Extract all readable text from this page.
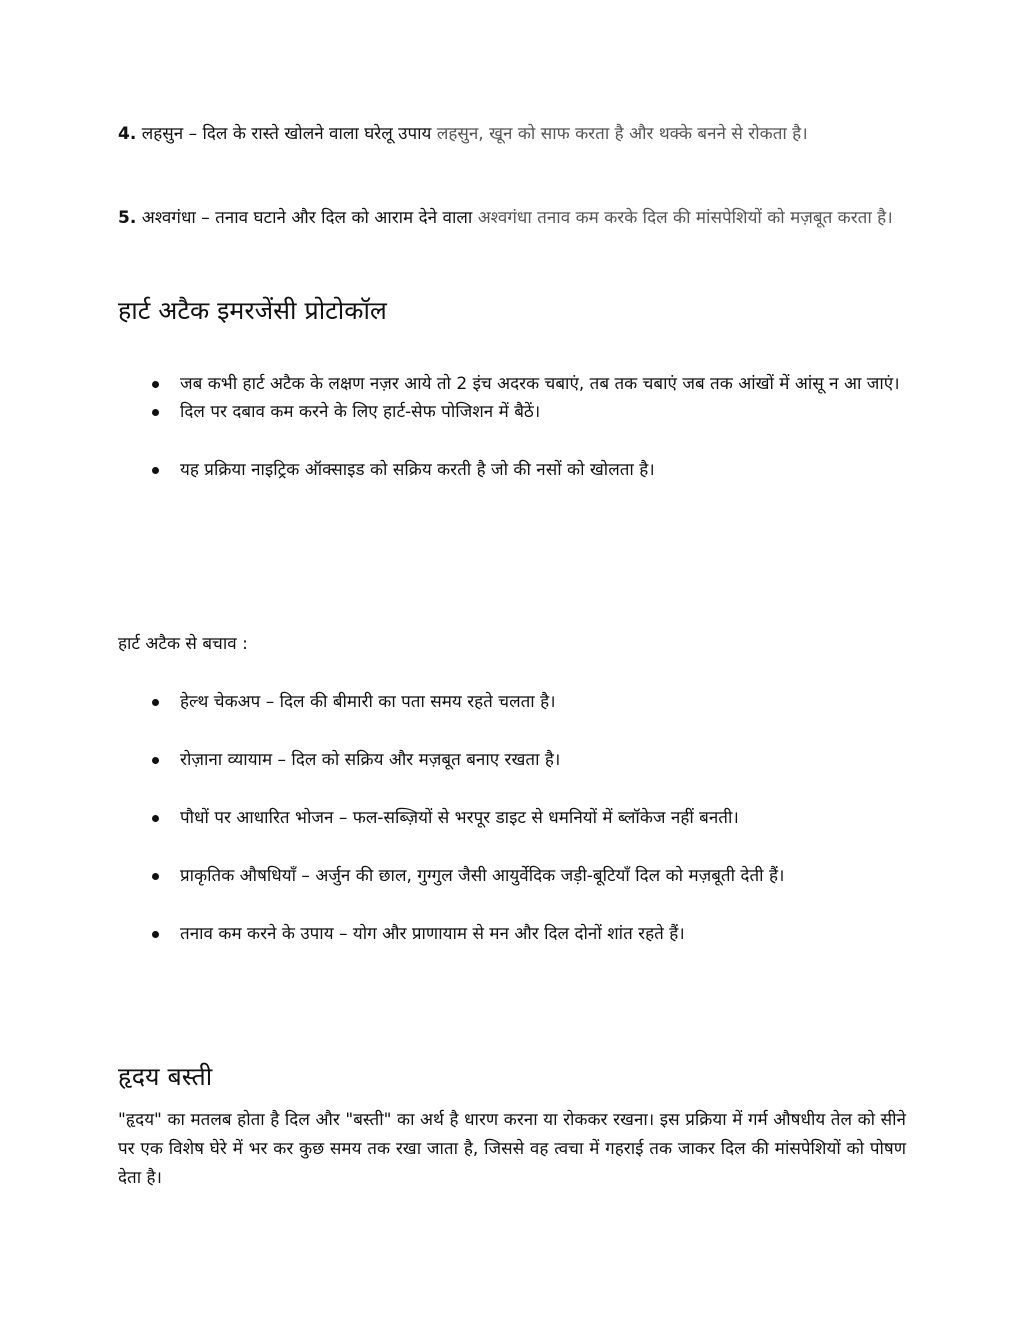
4. लहसुन – दिल के रास्ते खोलने वाला घरेलू उपाय लहसुन, खून को साफ करता है और थक्के बनने से रोकता है।

5. अश्वगंधा – तनाव घटाने और दिल को आराम देने वाला अश्वगंधा तनाव कम करके दिल की मांसपेशियों को मज़बूत करता है।

हार्ट अटैक इमरजेंसी प्रोटोकॉल
जब कभी हार्ट अटैक के लक्षण नज़र आये तो 2 इंच अदरक चबाएं, तब तक चबाएं जब तक आंखों में आंसू न आ जाएं।
दिल पर दबाव कम करने के लिए हार्ट-सेफ पोजिशन में बैठें।
यह प्रक्रिया नाइट्रिक ऑक्साइड को सक्रिय करती है जो की नसों को खोलता है।

हार्ट अटैक से बचाव :

हेल्थ चेकअप – दिल की बीमारी का पता समय रहते चलता है।
रोज़ाना व्यायाम – दिल को सक्रिय और मज़बूत बनाए रखता है।
पौधों पर आधारित भोजन – फल-सब्ज़ियों से भरपूर डाइट से धमनियों में ब्लॉकेज नहीं बनती।
प्राकृतिक औषधियाँ – अर्जुन की छाल, गुग्गुल जैसी आयुर्वेदिक जड़ी-बूटियाँ दिल को मज़बूती देती हैं।
तनाव कम करने के उपाय – योग और प्राणायाम से मन और दिल दोनों शांत रहते हैं।
हृदय बस्ती

"हृदय" का मतलब होता है दिल और "बस्ती" का अर्थ है धारण करना या रोककर रखना। इस प्रक्रिया में गर्म औषधीय तेल को सीने पर एक विशेष घेरे में भर कर कुछ समय तक रखा जाता है, जिससे वह त्वचा में गहराई तक जाकर दिल की मांसपेशियों को पोषण देता है।
